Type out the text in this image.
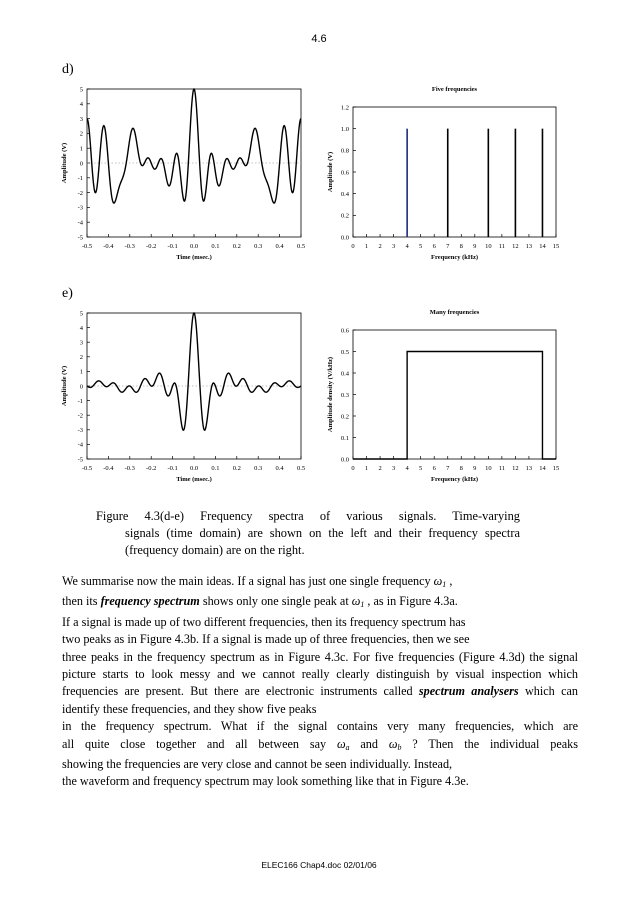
4.6
d)
e)
-0.5 -0.4 -0.3 -0.2 -0.1 0.0 0.1 0.2 0.3 0.4 0.5
-5
-4
-3
-2
-1
0
1
2
3
4
5
Time (msec.)
Amplitude (V)
0 1 2 3 4 5 6 7 8 9 10 11 12 13 14 15
0.0
0.2
0.4
0.6
0.8
1.0
1.2
Frequency (kHz)
Amplitude (V)
Five frequencies
-0.5 -0.4 -0.3 -0.2 -0.1 0.0 0.1 0.2 0.3 0.4 0.5
-5
-4
-3
-2
-1
0
1
2
3
4
5
Time (msec.)
Amplitude (V)
0 1 2 3 4 5 6 7 8 9 10 11 12 13 14 15
0.0
0.1
0.2
0.3
0.4
0.5
0.6
Frequency (kHz)
Amplitude density (V/kHz)
Many frequencies
Figure 4.3(d-e) Frequency spectra of various signals. Time-varying
signals (time domain) are shown on the left and their frequency spectra (frequency domain) are on the right.

We summarise now the main ideas. If a signal has just one single frequency $\omega_1$ ,

then its frequency spectrum shows only one single peak at $\omega_1$ , as in Figure 4.3a.

If a signal is made up of two different frequencies, then its frequency spectrum has

two peaks as in Figure 4.3b. If a signal is made up of three frequencies, then we see

three peaks in the frequency spectrum as in Figure 4.3c. For five frequencies (Figure 4.3d) the signal picture starts to look messy and we cannot really clearly distinguish by visual inspection which frequencies are present. But there are electronic instruments called spectrum analysers which can identify these frequencies, and they show five peaks

in the frequency spectrum. What if the signal contains very many frequencies, which are

all quite close together and all between say $\omega_a$ and $\omega_b$ ? Then the individual peaks

showing the frequencies are very close and cannot be seen individually. Instead,

the waveform and frequency spectrum may look something like that in Figure 4.3e.

ELEC166 Chap4.doc 02/01/06
